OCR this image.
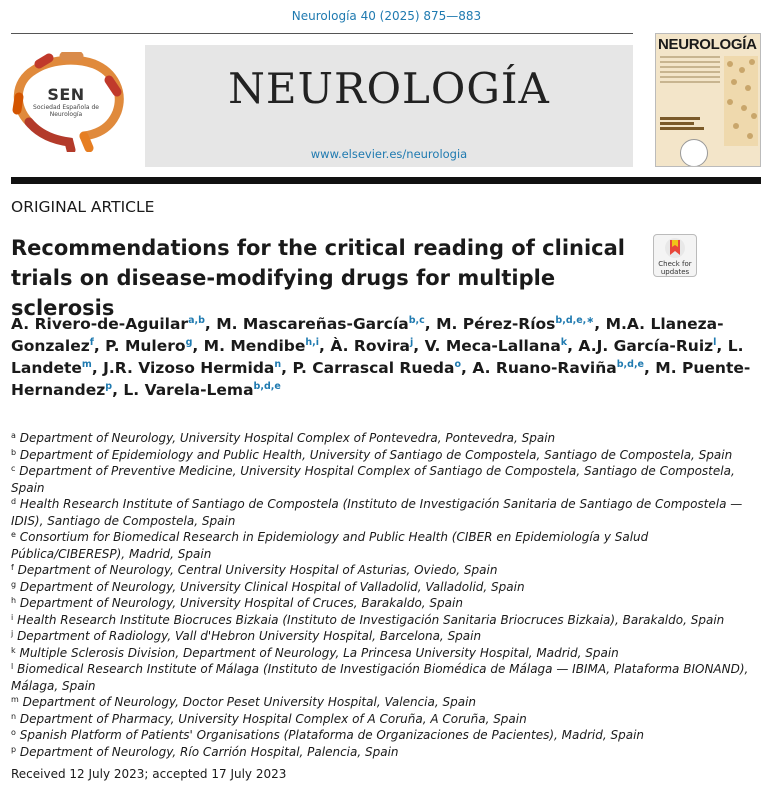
Neurología 40 (2025) 875—883
SEN
Sociedad Española de Neurología
NEUROLOGÍA
www.elsevier.es/neurologia
NEUROLOGÍA
ORIGINAL ARTICLE
Recommendations for the critical reading of clinical trials on disease-modifying drugs for multiple sclerosis
Check for updates
A. Rivero-de-Aguilar$^{a,b}$, M. Mascareñas-García$^{b,c}$, M. Pérez-Ríos$^{b,d,e,∗}$, M.A. Llaneza-Gonzalez$^f$, P. Mulero$^g$, M. Mendibe$^{h,i}$, À. Rovira$^j$, V. Meca-Lallana$^k$, A.J. García-Ruiz$^l$, L. Landete$^m$, J.R. Vizoso Hermida$^n$, P. Carrascal Rueda$^o$, A. Ruano-Raviña$^{b,d,e}$, M. Puente-Hernandez$^p$, L. Varela-Lema$^{b,d,e}$
$^a$ Department of Neurology, University Hospital Complex of Pontevedra, Pontevedra, Spain
$^b$ Department of Epidemiology and Public Health, University of Santiago de Compostela, Santiago de Compostela, Spain
$^c$ Department of Preventive Medicine, University Hospital Complex of Santiago de Compostela, Santiago de Compostela, Spain
$^d$ Health Research Institute of Santiago de Compostela (Instituto de Investigación Sanitaria de Santiago de Compostela — IDIS), Santiago de Compostela, Spain
$^e$ Consortium for Biomedical Research in Epidemiology and Public Health (CIBER en Epidemiología y Salud Pública/CIBERESP), Madrid, Spain
$^f$ Department of Neurology, Central University Hospital of Asturias, Oviedo, Spain
$^g$ Department of Neurology, University Clinical Hospital of Valladolid, Valladolid, Spain
$^h$ Department of Neurology, University Hospital of Cruces, Barakaldo, Spain
$^i$ Health Research Institute Biocruces Bizkaia (Instituto de Investigación Sanitaria Briocruces Bizkaia), Barakaldo, Spain
$^j$ Department of Radiology, Vall d'Hebron University Hospital, Barcelona, Spain
$^k$ Multiple Sclerosis Division, Department of Neurology, La Princesa University Hospital, Madrid, Spain
$^l$ Biomedical Research Institute of Málaga (Instituto de Investigación Biomédica de Málaga — IBIMA, Plataforma BIONAND), Málaga, Spain
$^m$ Department of Neurology, Doctor Peset University Hospital, Valencia, Spain
$^n$ Department of Pharmacy, University Hospital Complex of A Coruña, A Coruña, Spain
$^o$ Spanish Platform of Patients' Organisations (Plataforma de Organizaciones de Pacientes), Madrid, Spain
$^p$ Department of Neurology, Río Carrión Hospital, Palencia, Spain
Received 12 July 2023; accepted 17 July 2023
